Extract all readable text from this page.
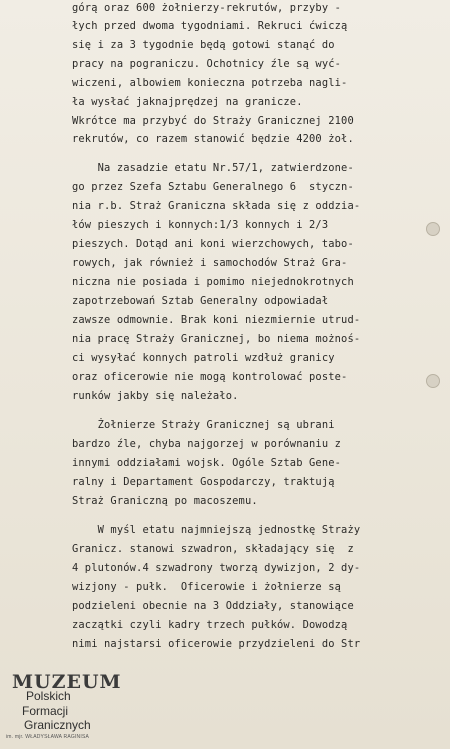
górą oraz 600 żołnierzy-rekrutów, przyby -
łych przed dwoma tygodniami. Rekruci ćwiczą
się i za 3 tygodnie będą gotowi stanąć do
pracy na pograniczu. Ochotnicy źle są wyć-
wiczeni, albowiem konieczna potrzeba nagli-
ła wysłać jaknajprędzej na granicze.
Wkrótce ma przybyć do Straży Granicznej 2100
rekrutów, co razem stanowić będzie 4200 żoł.
Na zasadzie etatu Nr.57/1, zatwierdzone-
go przez Szefa Sztabu Generalnego 6  styczn-
nia r.b. Straż Graniczna składa się z oddzia-
łów pieszych i konnych:1/3 konnych i 2/3
pieszych. Dotąd ani koni wierzchowych, tabo-
rowych, jak również i samochodów Straż Gra-
niczna nie posiada i pomimo niejednokrotnych
zapotrzebowań Sztab Generalny odpowiadał
zawsze odmownie. Brak koni niezmiernie utrud-
nia pracę Straży Granicznej, bo niema możnoś-
ci wysyłać konnych patroli wzdłuż granicy
oraz oficerowie nie mogą kontrolować poste-
runków jakby się należało.
Żołnierze Straży Granicznej są ubrani
bardzo źle, chyba najgorzej w porównaniu z
innymi oddziałami wojsk. Ogóle Sztab Gene-
ralny i Departament Gospodarczy, traktują
Straż Graniczną po macoszemu.
W myśl etatu najmniejszą jednostkę Straży
Granicz. stanowi szwadron, składający się  z
4 plutonów.4 szwadrony tworzą dywizjon, 2 dy-
wizjony - pułk.  Oficerowie i żołnierze są
podzieleni obecnie na 3 Oddziały, stanowiące
zaczątki czyli kadry trzech pułków. Dowodzą
nimi najstarsi oficerowie przydzieleni do Str
MUZEUM
Polskich
Formacji
Granicznych
im. mjr. WŁADYSŁAWA RAGINISA
